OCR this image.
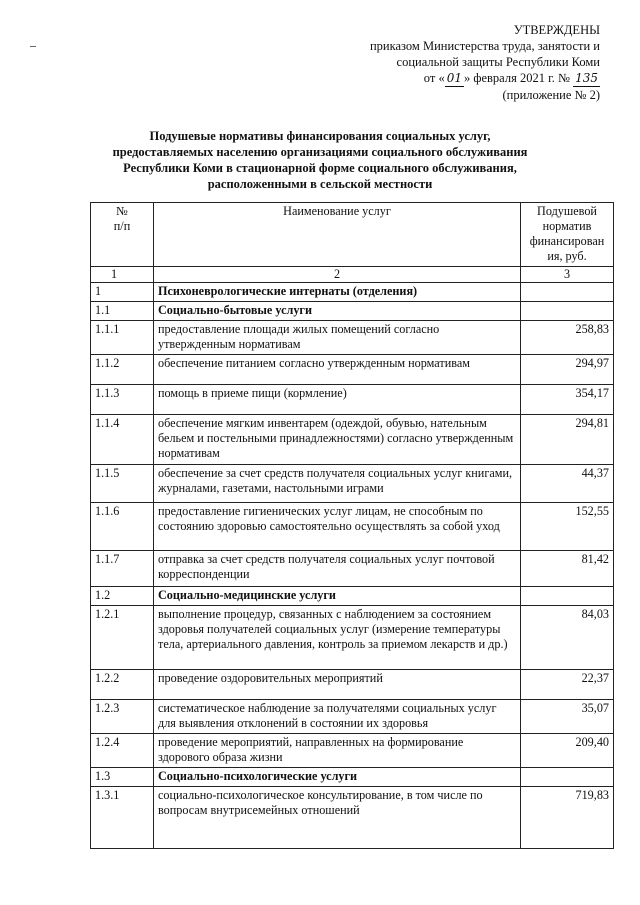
УТВЕРЖДЕНЫ
приказом Министерства труда, занятости и
социальной защиты Республики Коми
от « 01 » февраля 2021 г. № 135
(приложение № 2)
Подушевые нормативы финансирования социальных услуг,
предоставляемых населению организациями социального обслуживания
Республики Коми в стационарной форме социального обслуживания,
расположенными в сельской местности
№
п/п	Наименование услуг	Подушевой
норматив
финансирован
ия, руб.

1	2	3
1	Психоневрологические интернаты (отделения)	
1.1	Социально-бытовые услуги	
1.1.1	предоставление площади жилых помещений согласно утвержденным нормативам	258,83
1.1.2	обеспечение питанием согласно утвержденным нормативам	294,97
1.1.3	помощь в приеме пищи (кормление)	354,17
1.1.4	обеспечение мягким инвентарем (одеждой, обувью, нательным бельем и постельными принадлежностями) согласно утвержденным нормативам	294,81
1.1.5	обеспечение за счет средств получателя социальных услуг книгами, журналами, газетами, настольными играми	44,37
1.1.6	предоставление гигиенических услуг лицам, не способным по состоянию здоровью самостоятельно осуществлять за собой уход	152,55
1.1.7	отправка за счет средств получателя социальных услуг почтовой корреспонденции	81,42
1.2	Социально-медицинские услуги	
1.2.1	выполнение процедур, связанных с наблюдением за состоянием здоровья получателей социальных услуг (измерение температуры тела, артериального давления, контроль за приемом лекарств и др.)	84,03
1.2.2	проведение оздоровительных мероприятий	22,37
1.2.3	систематическое наблюдение за получателями социальных услуг для выявления отклонений в состоянии их здоровья	35,07
1.2.4	проведение мероприятий, направленных на формирование здорового образа жизни	209,40
1.3	Социально-психологические услуги	
1.3.1	социально-психологическое консультирование, в том числе по вопросам внутрисемейных отношений	719,83
